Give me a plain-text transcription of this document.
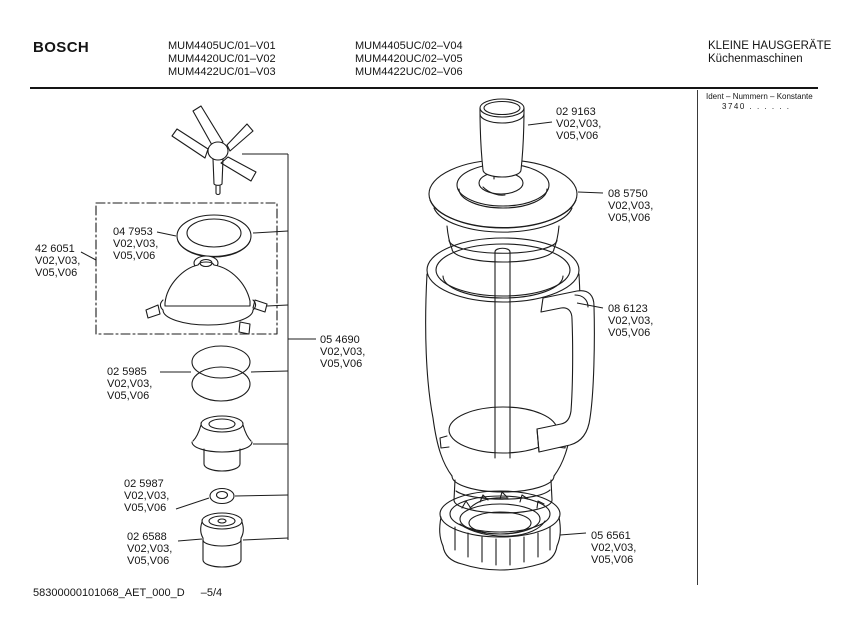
BOSCH	MUM4405UC/01–V01
MUM4420UC/01–V02
MUM4422UC/01–V03
MUM4405UC/02–V04
MUM4420UC/02–V05
MUM4422UC/02–V06
KLEINE HAUSGERÄTE
Küchenmaschinen
Ident – Nummern – Konstante
3740 . . . . . .
42 6051
V02,V03,
V05,V06
04 7953
V02,V03,
V05,V06
02 5985
V02,V03,
V05,V06
05 4690
V02,V03,
V05,V06
02 5987
V02,V03,
V05,V06
02 6588
V02,V03,
V05,V06
02 9163
V02,V03,
V05,V06
08 5750
V02,V03,
V05,V06
08 6123
V02,V03,
V05,V06
05 6561
V02,V03,
V05,V06
58300000101068_AET_000_D –5/4
